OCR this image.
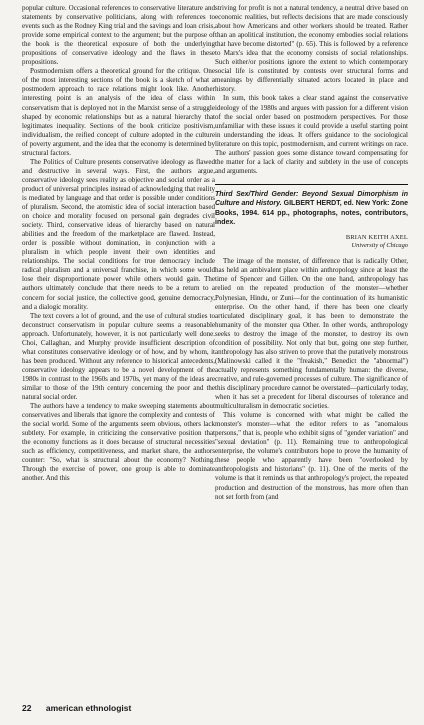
popular culture. Occasional references to conservative literature and statements by conservative politicians, along with references to events such as the Rodney King trial and the savings and loan crisis, provide some empirical context to the argument; but the purpose of the book is the theoretical exposure of both the underlying propositions of conservative ideology and the flaws in these propositions.

Postmodernism offers a theoretical ground for the critique. One of the most interesting sections of the book is a sketch of what a postmodern approach to race relations might look like. Another interesting point is an analysis of the idea of class within conservatism that is deployed not in the Marxist sense of a struggle shaped by economic relationships but as a natural hierarchy that legitimates inequality. Sections of the book criticize positivism, individualism, the reified concept of culture adopted in the culture of poverty argument, and the idea that the economy is determined by structural factors.

The Politics of Culture presents conservative ideology as flawed and destructive in several ways. First, the authors argue, conservative ideology sees reality as objective and social order as a product of universal principles instead of acknowledging that reality is mediated by language and that order is possible under conditions of pluralism. Second, the atomistic idea of social interaction based on choice and morality focused on personal gain degrades civil society. Third, conservative ideas of hierarchy based on natural abilities and the freedom of the marketplace are flawed. Instead, order is possible without domination, in conjunction with a pluralism in which people invent their own identities and relationships. The social conditions for true democracy include radical pluralism and a universal franchise, in which some would lose their disproportionate power while others would gain. The authors ultimately conclude that there needs to be a return to a concern for social justice, the collective good, genuine democracy, and a dialogic morality.

The text covers a lot of ground, and the use of cultural studies to deconstruct conservatism in popular culture seems a reasonable approach. Unfortunately, however, it is not particularly well done. Choi, Callaghan, and Murphy provide insufficient description of what constitutes conservative ideology or of how, and by whom, it has been produced. Without any reference to historical antecedents, conservative ideology appears to be a novel development of the 1980s in contrast to the 1960s and 1970s, yet many of the ideas are similar to those of the 19th century concerning the poor and the natural social order.

The authors have a tendency to make sweeping statements about conservatives and liberals that ignore the complexity and contests of the social world. Some of the arguments seem obvious, others lack subtlety. For example, in criticizing the conservative position that the economy functions as it does because of structural necessities such as efficiency, competitiveness, and market share, the authors counter: "So, what is structural about the economy? Nothing. Through the exercise of power, one group is able to dominate another. And this

striving for profit is not a natural tendency, a neutral drive based on economic realities, but reflects decisions that are made consciously about how Americans and other workers should be treated. Rather than an apolitical institution, the economy embodies social relations that have become distorted" (p. 65). This is followed by a reference to Marx's idea that the economy consists of social relationships. Such either/or positions ignore the extent to which contemporary social life is constituted by contests over structural forms and meanings by differentially situated actors located in place and history.

In sum, this book takes a clear stand against the conservative ideology of the 1980s and argues with passion for a different vision of the social order based on postmodern perspectives. For those unfamiliar with these issues it could provide a useful starting point in understanding the ideas. It offers guidance to the sociological literature on this topic, postmodernism, and current writings on race. The authors' passion goes some distance toward compensating for the matter for a lack of clarity and subtlety in the use of concepts and arguments.

Third Sex/Third Gender: Beyond Sexual Dimorphism in Culture and History. GILBERT HERDT, ed. New York: Zone Books, 1994. 614 pp., photographs, notes, contributors, index.
BRIAN KEITH AXEL
University of Chicago

The image of the monster, of difference that is radically Other, has held an ambivalent place within anthropology since at least the time of Spencer and Gillen. On the one hand, anthropology has relied on the repeated production of the monster—whether Polynesian, Hindu, or Zuni—for the continuation of its humanistic enterprise. On the other hand, if there has been one clearly articulated disciplinary goal, it has been to demonstrate the humanity of the monster qua Other. In other words, anthropology seeks to destroy the image of the monster, to destroy its own condition of possibility. Not only that but, going one step further, anthropology has also striven to prove that the putatively monstrous (Malinowski called it the "freakish," Benedict the "abnormal") actually represents something fundamentally human: the diverse, creative, and rule-governed processes of culture. The significance of this disciplinary procedure cannot be overstated—particularly today, when it has set a precedent for liberal discourses of tolerance and multiculturalism in democratic societies.

This volume is concerned with what might be called the monster's monster—what the editor refers to as "anomalous persons," that is, people who exhibit signs of "gender variation" and "sexual deviation" (p. 11). Remaining true to anthropological enterprise, the volume's contributors hope to prove the humanity of these people who apparently have been "overlooked by anthropologists and historians" (p. 11). One of the merits of the volume is that it reminds us that anthropology's project, the repeated production and destruction of the monstrous, has more often than not set forth from (and

22 american ethnologist
